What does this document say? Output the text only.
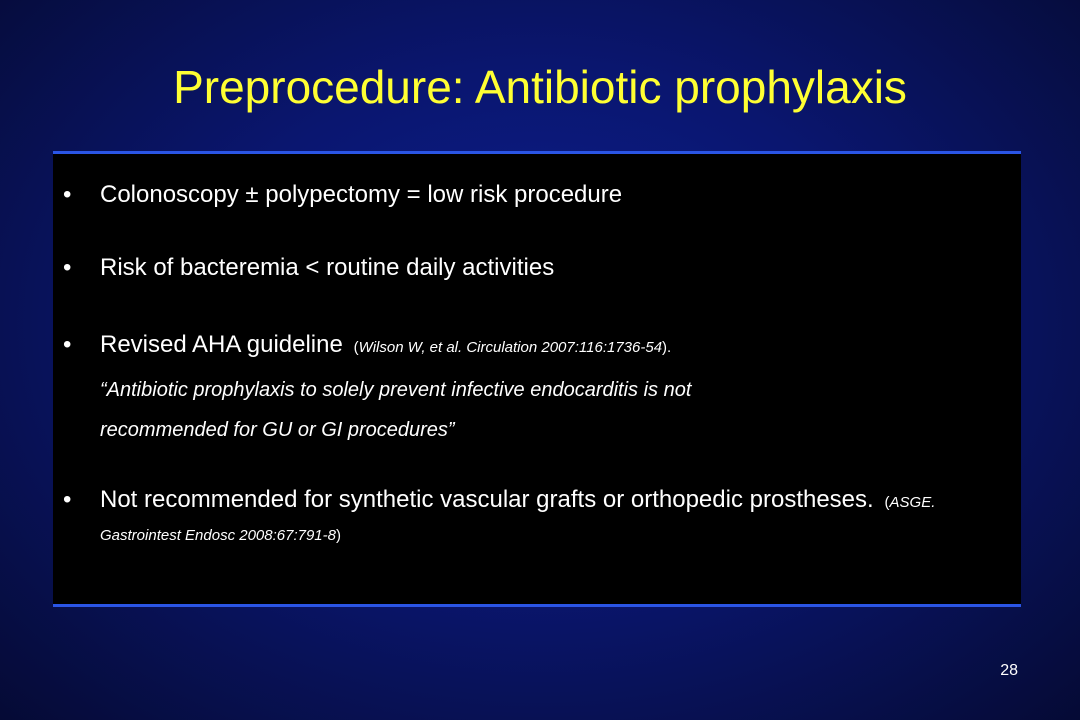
Preprocedure: Antibiotic prophylaxis
•	Colonoscopy ± polypectomy = low risk procedure
•	Risk of bacteremia < routine daily activities
•	Revised AHA guideline (Wilson W, et al. Circulation 2007:116:1736-54).
•	Not recommended for synthetic vascular grafts or orthopedic prostheses. (ASGE. Gastrointest Endosc 2008:67:791-8)
“Antibiotic prophylaxis to solely prevent infective endocarditis is not
recommended for GU or GI procedures”
28
